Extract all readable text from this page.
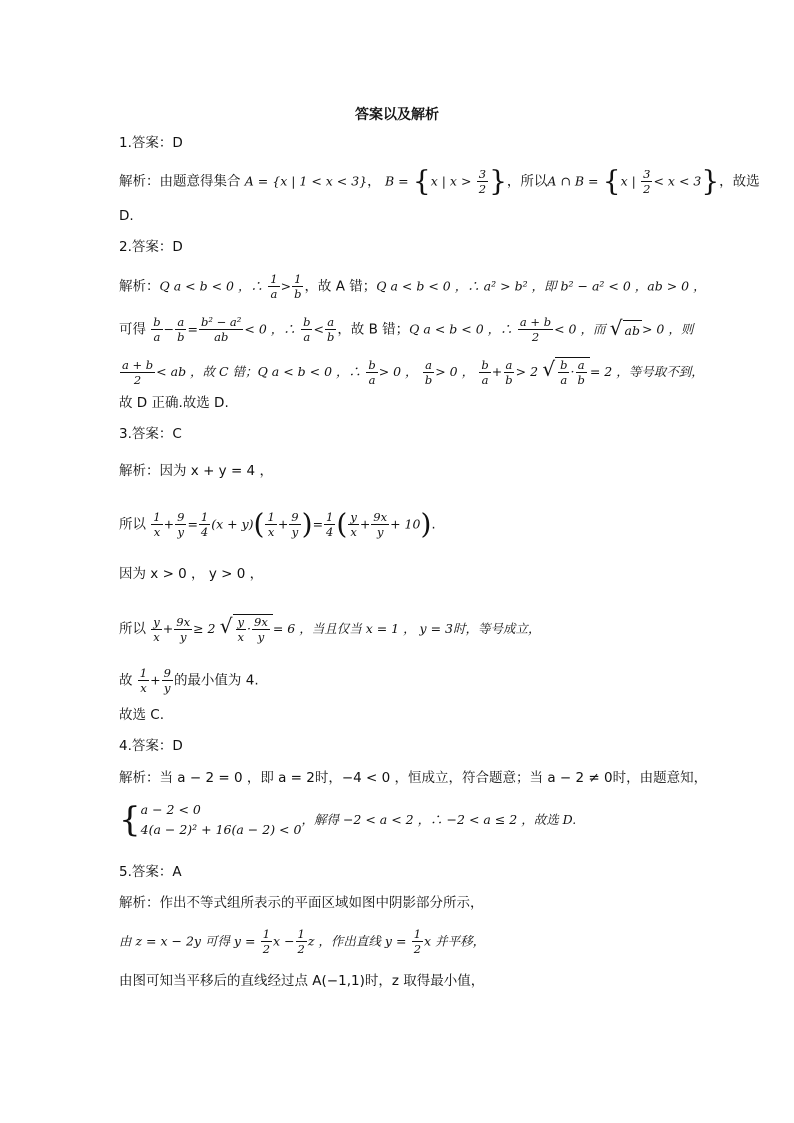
答案以及解析
1.答案：D
解析：由题意得集合 A = {x | 1 < x < 3}， B = {x | $x > \frac{3}{2}$ }，所以A ∩ B = {x | $\frac{3}{2} < x < 3$}，故选
D.
2.答案：D
解析：Q a < b < 0 ，∴ $\frac{1}{a} > \frac{1}{b}$ ，故 A 错；Q a < b < 0 ，∴ a² > b² ，即 b² − a² < 0 ，ab > 0 ，
可得 $\frac{b}{a} - \frac{a}{b} = \frac{\text{b² − a²}}{ab} < 0$ ，∴ $\frac{b}{a} < \frac{a}{b}$ ，故 B 错；Q a < b < 0 ，∴ $\frac{a + b}{2} < 0$ ，而 √ ab > 0 ，则
$\frac{a + b}{2}$ < ab ，故 C 错；Q a < b < 0 ，∴ $\frac{b}{a} > 0$ ， $\frac{a}{b} > 0$ ， $\frac{b}{a} + \frac{a}{b} > 2$ √ $\frac{b}{a} \cdot \frac{a}{b} = 2$ ，等号取不到，
故 D 正确.故选 D.
3.答案：C
解析：因为 x + y = 4 ，
所以 $\frac{1}{x} + \frac{9}{y} = \frac{1}{4} (x + y)( \frac{1}{x} + \frac{9}{y}$ )= $\frac{1}{4}$ ( $\frac{y}{x} + \frac{9x}{y} + 10$).
因为 x > 0 ， y > 0 ，
所以 $\frac{y}{x} + \frac{9x}{y} \ge 2$ √ $\frac{y}{x} \cdot \frac{9x}{y} = 6$ ，当且仅当 x = 1 ， y = 3时，等号成立，
故 $\frac{1}{x} + \frac{9}{y}$ 的最小值为 4.
故选 C.
4.答案：D
解析：当 a − 2 = 0 ，即 a = 2时，−4 < 0 ，恒成立，符合题意；当 a − 2 ≠ 0时，由题意知，
{ a − 2 < 0
4(a − 2)² + 16(a − 2) < 0
，解得 −2 < a < 2 ，∴ −2 < a ≤ 2 ，故选 D.
5.答案：A
解析：作出不等式组所表示的平面区域如图中阴影部分所示，
由 z = x − 2y 可得 $y = \frac{1}{2}$ $x - \frac{1}{2}$ z ，作出直线 $y = \frac{1}{2}$ x 并平移，
由图可知当平移后的直线经过点 A(−1,1)时，z 取得最小值，
